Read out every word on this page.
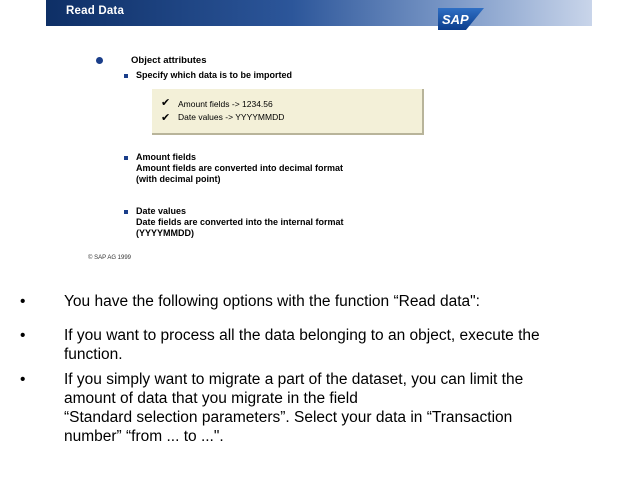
Read Data
SAP
Object attributes
Specify which data is to be imported
✔ Amount fields -> 1234.56
✔ Date values -> YYYYMMDD
Amount fields
Amount fields are converted into decimal format
(with decimal point)
Date values
Date fields are converted into the internal format
(YYYYMMDD)
© SAP AG 1999
•	You have the following options with the function “Read data":
•	If you want to process all the data belonging to an object, execute the
function.
•	If you simply want to migrate a part of the dataset, you can limit the
amount of data that you migrate in the field
“Standard selection parameters”. Select your data in “Transaction
number” “from ... to ...".
